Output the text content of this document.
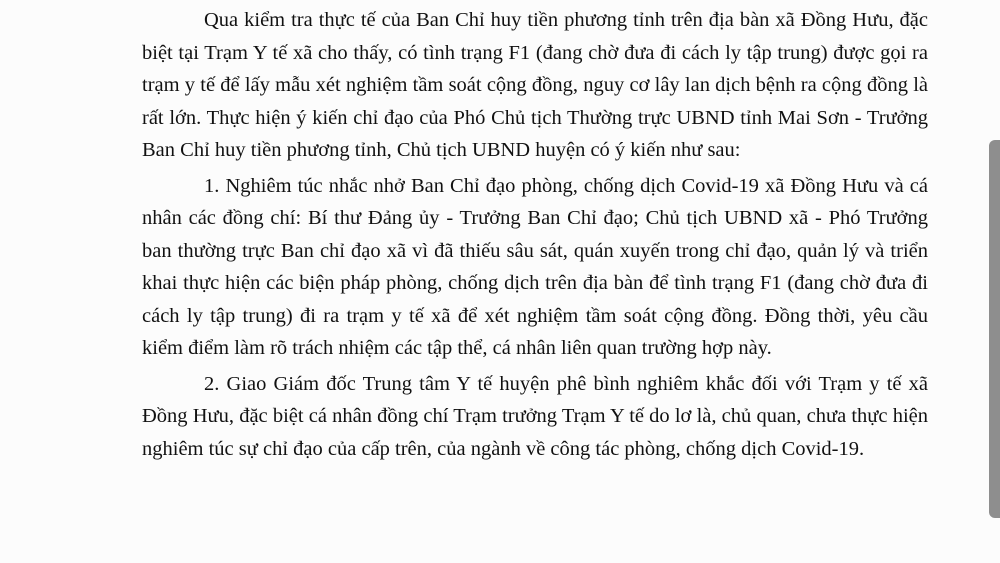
Qua kiểm tra thực tế của Ban Chỉ huy tiền phương tỉnh trên địa bàn xã Đồng Hưu, đặc biệt tại Trạm Y tế xã cho thấy, có tình trạng F1 (đang chờ đưa đi cách ly tập trung) được gọi ra trạm y tế để lấy mẫu xét nghiệm tầm soát cộng đồng, nguy cơ lây lan dịch bệnh ra cộng đồng là rất lớn. Thực hiện ý kiến chỉ đạo của Phó Chủ tịch Thường trực UBND tỉnh Mai Sơn - Trưởng Ban Chỉ huy tiền phương tỉnh, Chủ tịch UBND huyện có ý kiến như sau:

1. Nghiêm túc nhắc nhở Ban Chỉ đạo phòng, chống dịch Covid-19 xã Đồng Hưu và cá nhân các đồng chí: Bí thư Đảng ủy - Trưởng Ban Chỉ đạo; Chủ tịch UBND xã - Phó Trưởng ban thường trực Ban chỉ đạo xã vì đã thiếu sâu sát, quán xuyến trong chỉ đạo, quản lý và triển khai thực hiện các biện pháp phòng, chống dịch trên địa bàn để tình trạng F1 (đang chờ đưa đi cách ly tập trung) đi ra trạm y tế xã để xét nghiệm tầm soát cộng đồng. Đồng thời, yêu cầu kiểm điểm làm rõ trách nhiệm các tập thể, cá nhân liên quan trường hợp này.

2. Giao Giám đốc Trung tâm Y tế huyện phê bình nghiêm khắc đối với Trạm y tế xã Đồng Hưu, đặc biệt cá nhân đồng chí Trạm trưởng Trạm Y tế do lơ là, chủ quan, chưa thực hiện nghiêm túc sự chỉ đạo của cấp trên, của ngành về công tác phòng, chống dịch Covid-19.
